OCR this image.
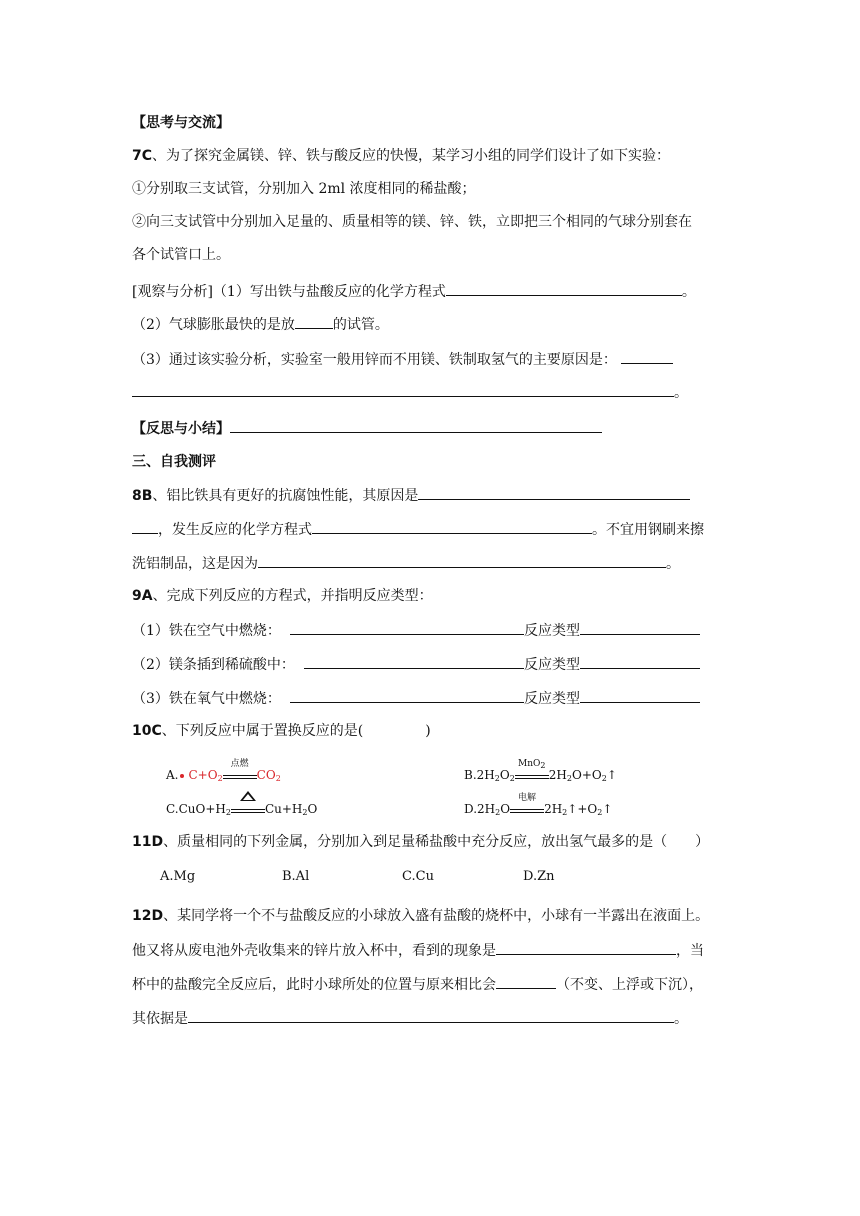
【思考与交流】
7C、为了探究金属镁、锌、铁与酸反应的快慢，某学习小组的同学们设计了如下实验：
①分别取三支试管，分别加入 2ml 浓度相同的稀盐酸；
②向三支试管中分别加入足量的、质量相等的镁、锌、铁，立即把三个相同的气球分别套在
各个试管口上。
[观察与分析]（1）写出铁与盐酸反应的化学方程式	。
（2）气球膨胀最快的是放	的试管。
（3）通过该实验分析，实验室一般用锌而不用镁、铁制取氢气的主要原因是：
。
【反思与小结】
三、自我测评
8B、铝比铁具有更好的抗腐蚀性能，其原因是
，发生反应的化学方程式	。不宜用钢刷来擦
洗铝制品，这是因为	。
9A、完成下列反应的方程式，并指明反应类型：
（1）铁在空气中燃烧：	反应类型
（2）镁条插到稀硫酸中：	反应类型
（3）铁在氧气中燃烧：	反应类型
10C、下列反应中属于置换反应的是(	)
A. $C+O_2$
点燃
$CO_2$	$B.2H_2O_2$
MnO$_2$
$2H_2O+O_2↑$
$C.CuO+H_2$	$Cu+H_2O$	$D.2H_2O$
电解
$2H_2↑+O_2↑$
11D、质量相同的下列金属，分别加入到足量稀盐酸中充分反应，放出氢气最多的是（　　）
A.Mg	B.Al	C.Cu	D.Zn
12D、某同学将一个不与盐酸反应的小球放入盛有盐酸的烧杯中，小球有一半露出在液面上。
他又将从废电池外壳收集来的锌片放入杯中，看到的现象是	，当
杯中的盐酸完全反应后，此时小球所处的位置与原来相比会	（不变、上浮或下沉），
其依据是	。
